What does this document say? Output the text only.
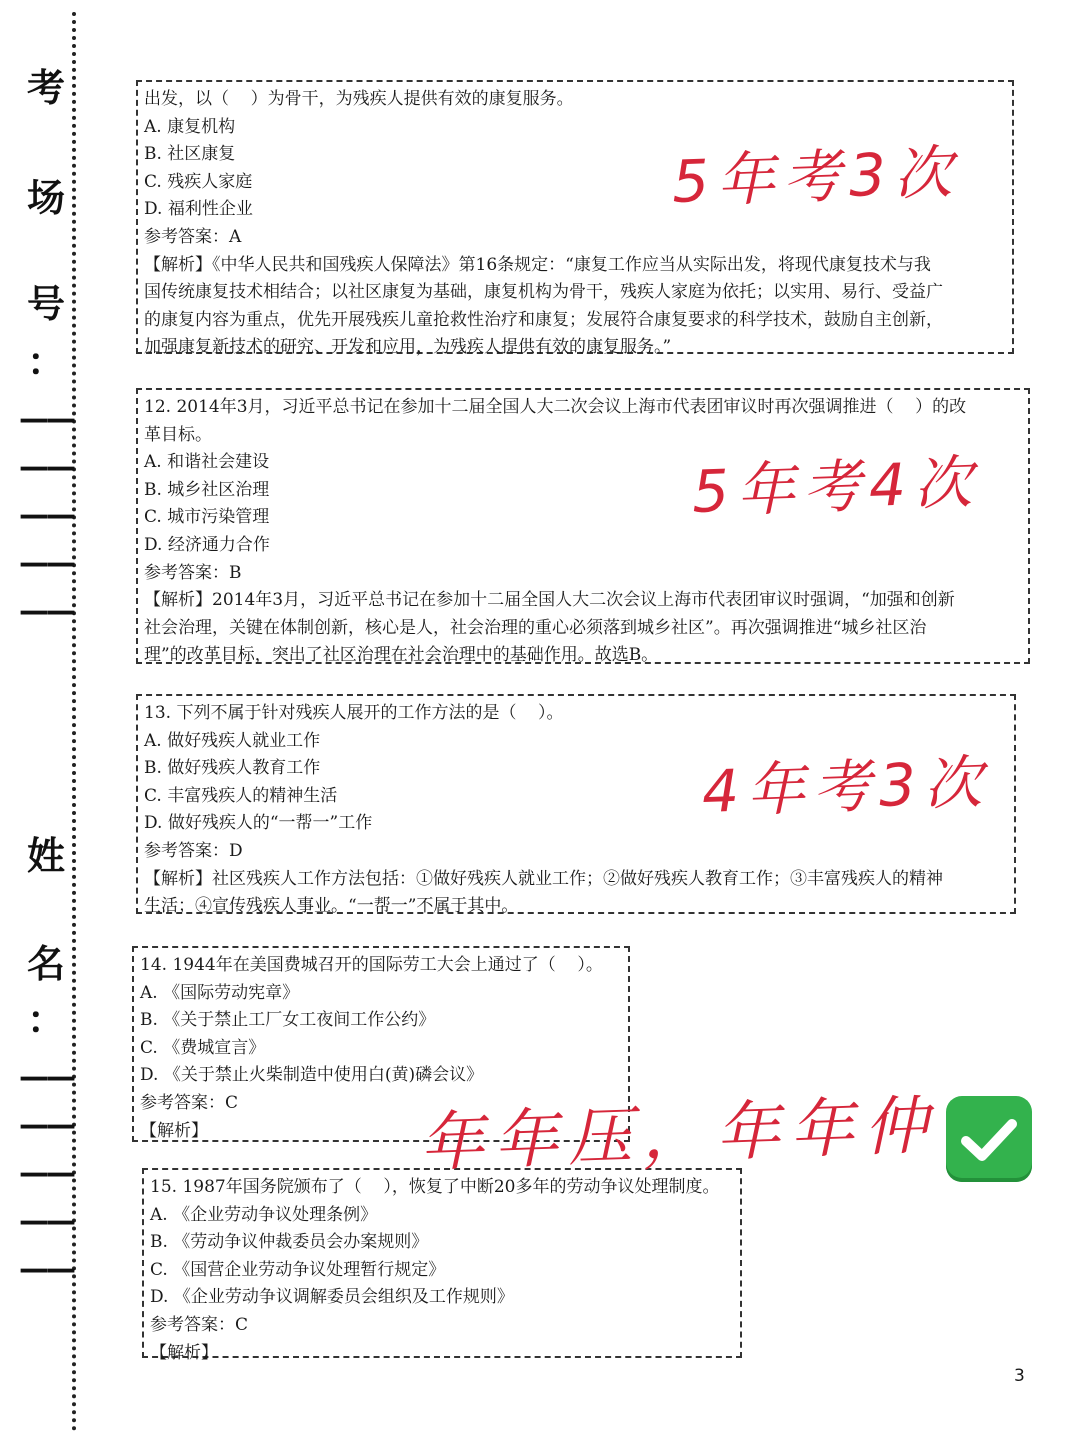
考
场
号
：
——
——
——
——
——
姓
名
：
——
——
——
——
——

出发，以（    ）为骨干，为残疾人提供有效的康复服务。

A. 康复机构

B. 社区康复

C. 残疾人家庭

D. 福利性企业

参考答案：A

【解析】《中华人民共和国残疾人保障法》第16条规定：“康复工作应当从实际出发，将现代康复技术与我

国传统康复技术相结合；以社区康复为基础，康复机构为骨干，残疾人家庭为依托；以实用、易行、受益广

的康复内容为重点，优先开展残疾儿童抢救性治疗和康复；发展符合康复要求的科学技术，鼓励自主创新，

加强康复新技术的研究、开发和应用，为残疾人提供有效的康复服务。”

12. 2014年3月，习近平总书记在参加十二届全国人大二次会议上海市代表团审议时再次强调推进（    ）的改

革目标。

A. 和谐社会建设

B. 城乡社区治理

C. 城市污染管理

D. 经济通力合作

参考答案：B

【解析】2014年3月，习近平总书记在参加十二届全国人大二次会议上海市代表团审议时强调，“加强和创新

社会治理，关键在体制创新，核心是人，社会治理的重心必须落到城乡社区”。再次强调推进“城乡社区治

理”的改革目标，突出了社区治理在社会治理中的基础作用。故选B。

13. 下列不属于针对残疾人展开的工作方法的是（    ）。

A. 做好残疾人就业工作

B. 做好残疾人教育工作

C. 丰富残疾人的精神生活

D. 做好残疾人的“一帮一”工作

参考答案：D

【解析】社区残疾人工作方法包括：①做好残疾人就业工作；②做好残疾人教育工作；③丰富残疾人的精神

生活；④宣传残疾人事业。“一帮一”不属于其中。

14. 1944年在美国费城召开的国际劳工大会上通过了（    ）。

A. 《国际劳动宪章》

B. 《关于禁止工厂女工夜间工作公约》

C. 《费城宣言》

D. 《关于禁止火柴制造中使用白(黄)磷会议》

参考答案：C

【解析】

15. 1987年国务院颁布了（    ），恢复了中断20多年的劳动争议处理制度。

A. 《企业劳动争议处理条例》

B. 《劳动争议仲裁委员会办案规则》

C. 《国营企业劳动争议处理暂行规定》

D. 《企业劳动争议调解委员会组织及工作规则》

参考答案：C

【解析】

5年考3次
5年考4次
4年考3次
年年压，年年仲
3
